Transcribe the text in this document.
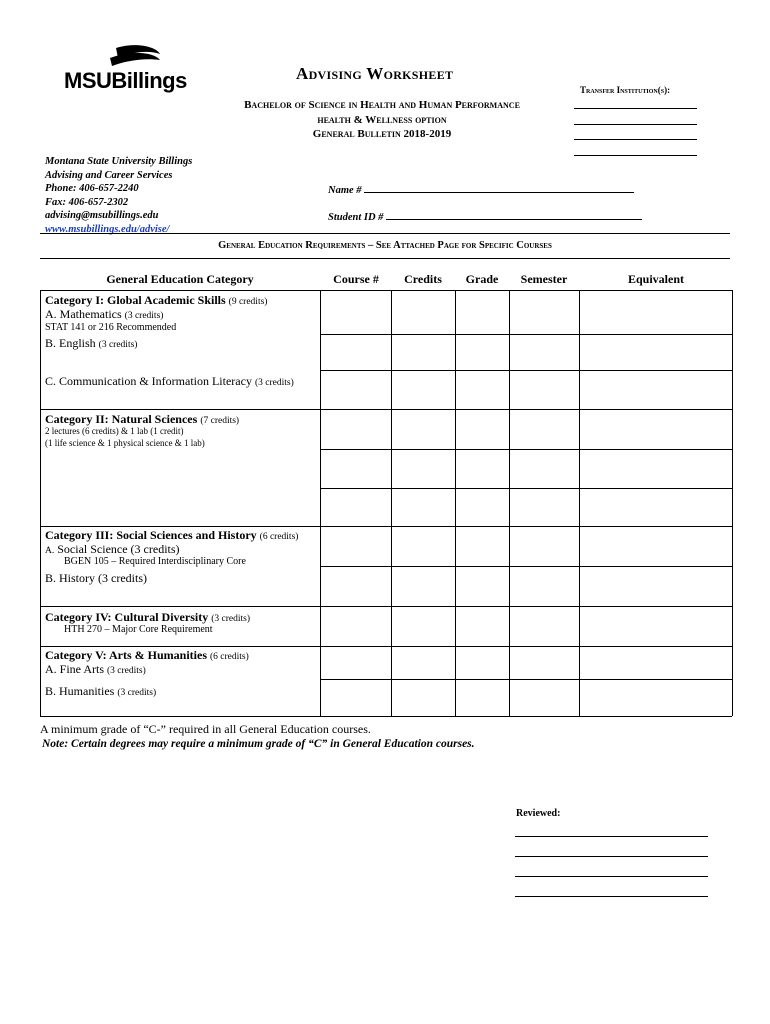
MSUBillings	Advising Worksheet
Bachelor of Science in Health and Human Performance
health & Wellness option
General Bulletin 2018-2019
Transfer Institution(s):
Montana State University Billings
Advising and Career Services
Phone: 406-657-2240
Fax: 406-657-2302
advising@msubillings.edu
www.msubillings.edu/advise/
Name #
Student ID #
General Education Requirements – See Attached Page for Specific Courses
General Education Category	Course #	Credits	Grade	Semester	Equivalent
Category I: Global Academic Skills (9 credits)
A. Mathematics (3 credits)
STAT 141 or 216 Recommended
B. English (3 credits)
C. Communication & Information Literacy (3 credits)
Category II: Natural Sciences (7 credits)
2 lectures (6 credits) & 1 lab (1 credit)
(1 life science & 1 physical science & 1 lab)
Category III: Social Sciences and History (6 credits)
A. Social Science (3 credits)
BGEN 105 – Required Interdisciplinary Core
B. History (3 credits)
Category IV: Cultural Diversity (3 credits)
HTH 270 – Major Core Requirement
Category V: Arts & Humanities (6 credits)
A. Fine Arts (3 credits)
B. Humanities (3 credits)
A minimum grade of “C-” required in all General Education courses.
Note: Certain degrees may require a minimum grade of “C” in General Education courses.
Reviewed:
